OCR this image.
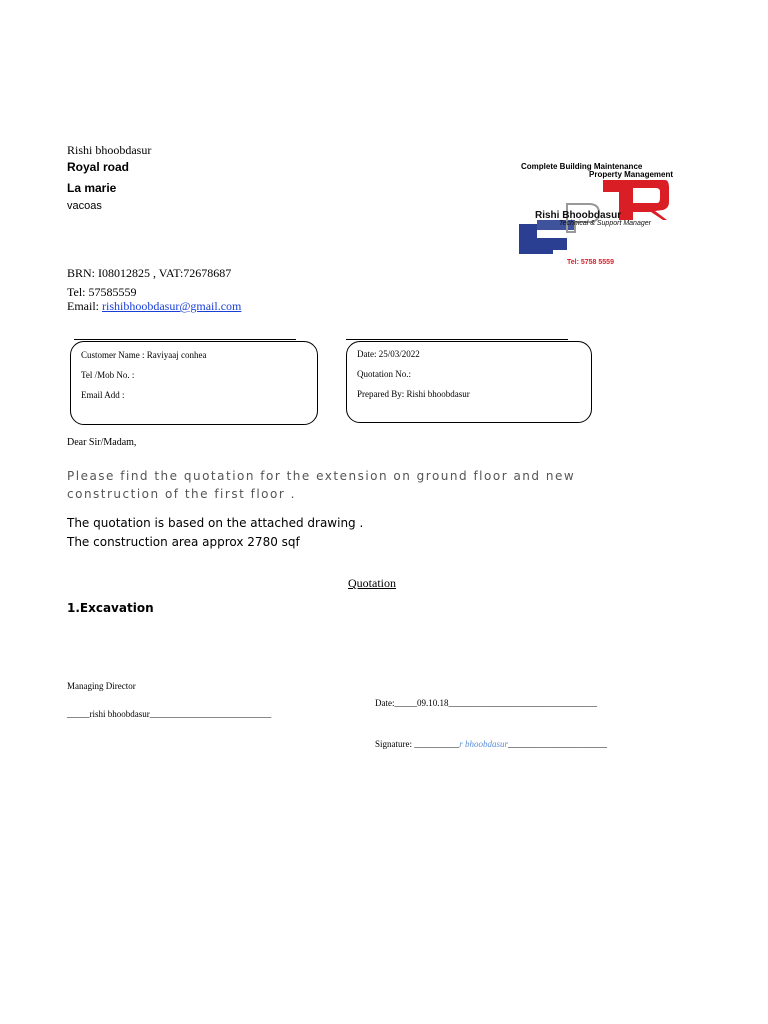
Rishi bhoobdasur
Royal road
La marie
vacoas
BRN: I08012825 , VAT:72678687
Tel: 57585559
Email: rishibhoobdasur@gmail.com
Complete Building Maintenance
Property Management
Rishi Bhoobdasur
Technical & Support Manager
Tel: 5758 5559
Customer Name : Raviyaaj conhea
Tel /Mob No. :
Email Add :
Date: 25/03/2022
Quotation No.:
Prepared By: Rishi bhoobdasur
Dear Sir/Madam,
Please find the quotation for the extension on ground floor and new construction of the first floor .
The quotation is based on the attached drawing .
The construction area approx 2780 sqf
Quotation
1.Excavation
Managing Director
_____rishi bhoobdasur___________________________
Date:_____09.10.18_________________________________
Signature: __________r bhoobdasur______________________
